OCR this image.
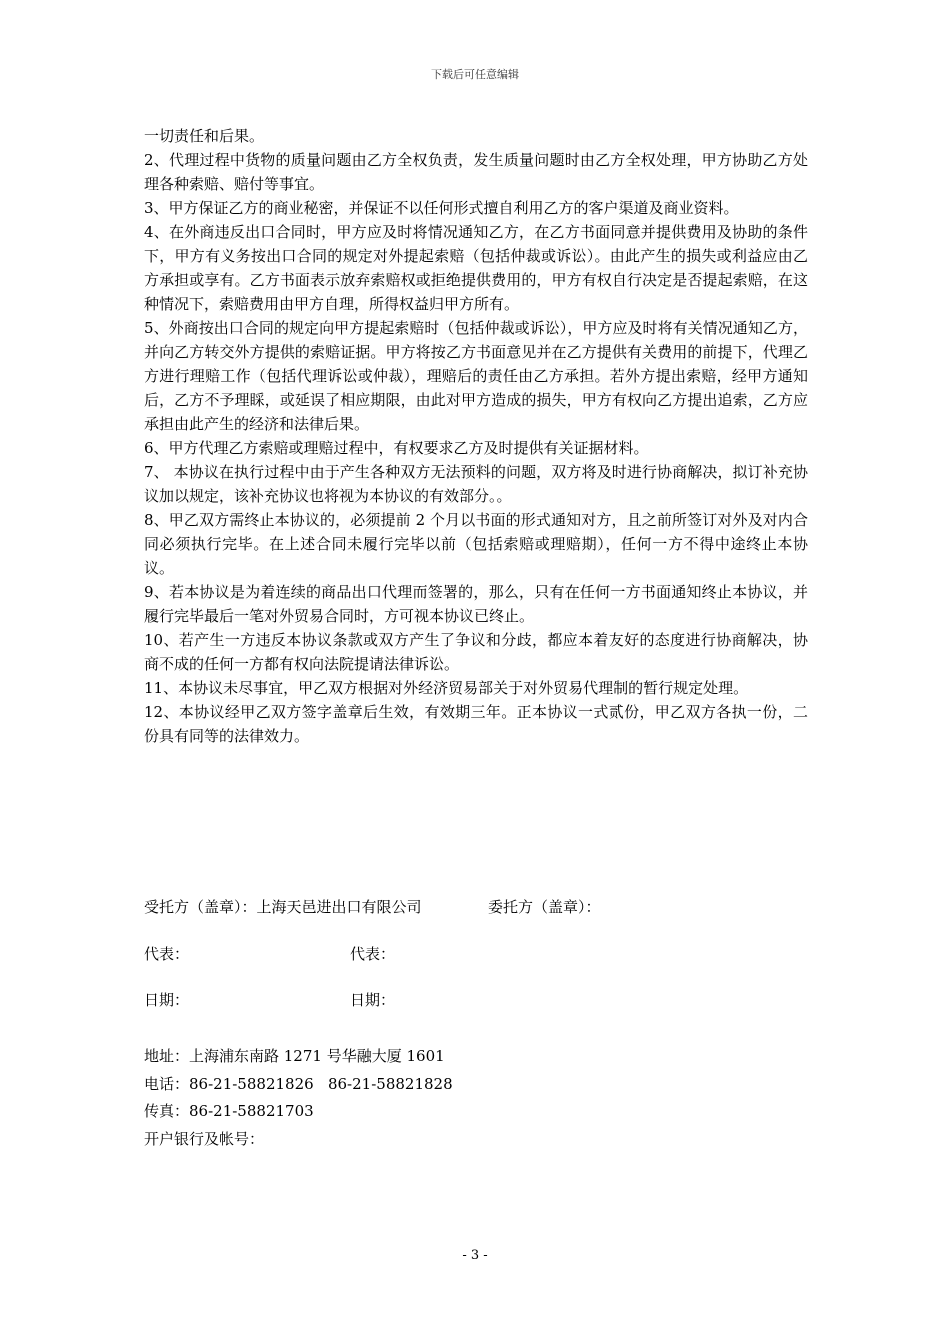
下载后可任意编辑

一切责任和后果。

2、代理过程中货物的质量问题由乙方全权负责，发生质量问题时由乙方全权处理，甲方协助乙方处理各种索赔、赔付等事宜。

3、甲方保证乙方的商业秘密，并保证不以任何形式擅自利用乙方的客户渠道及商业资料。

4、在外商违反出口合同时，甲方应及时将情况通知乙方，在乙方书面同意并提供费用及协助的条件下，甲方有义务按出口合同的规定对外提起索赔（包括仲裁或诉讼）。由此产生的损失或利益应由乙方承担或享有。乙方书面表示放弃索赔权或拒绝提供费用的，甲方有权自行决定是否提起索赔，在这种情况下，索赔费用由甲方自理，所得权益归甲方所有。

5、外商按出口合同的规定向甲方提起索赔时（包括仲裁或诉讼），甲方应及时将有关情况通知乙方，并向乙方转交外方提供的索赔证据。甲方将按乙方书面意见并在乙方提供有关费用的前提下，代理乙方进行理赔工作（包括代理诉讼或仲裁），理赔后的责任由乙方承担。若外方提出索赔，经甲方通知后，乙方不予理睬，或延误了相应期限，由此对甲方造成的损失，甲方有权向乙方提出追索，乙方应承担由此产生的经济和法律后果。

6、甲方代理乙方索赔或理赔过程中，有权要求乙方及时提供有关证据材料。

7、 本协议在执行过程中由于产生各种双方无法预料的问题，双方将及时进行协商解决，拟订补充协议加以规定，该补充协议也将视为本协议的有效部分。。

8、甲乙双方需终止本协议的，必须提前 2 个月以书面的形式通知对方，且之前所签订对外及对内合同必须执行完毕。在上述合同未履行完毕以前（包括索赔或理赔期），任何一方不得中途终止本协议。

9、若本协议是为着连续的商品出口代理而签署的，那么，只有在任何一方书面通知终止本协议，并履行完毕最后一笔对外贸易合同时，方可视本协议已终止。

10、若产生一方违反本协议条款或双方产生了争议和分歧，都应本着友好的态度进行协商解决，协商不成的任何一方都有权向法院提请法律诉讼。

11、本协议未尽事宜，甲乙双方根据对外经济贸易部关于对外贸易代理制的暂行规定处理。

12、本协议经甲乙双方签字盖章后生效，有效期三年。正本协议一式贰份，甲乙双方各执一份，二份具有同等的法律效力。

受托方（盖章）：上海天邑进出口有限公司	委托方（盖章）：
代表：	代表：
日期：	日期：
地址：上海浦东南路 1271 号华融大厦 1601
电话：86-21-58821826   86-21-58821828
传真：86-21-58821703
开户银行及帐号：
- 3 -
